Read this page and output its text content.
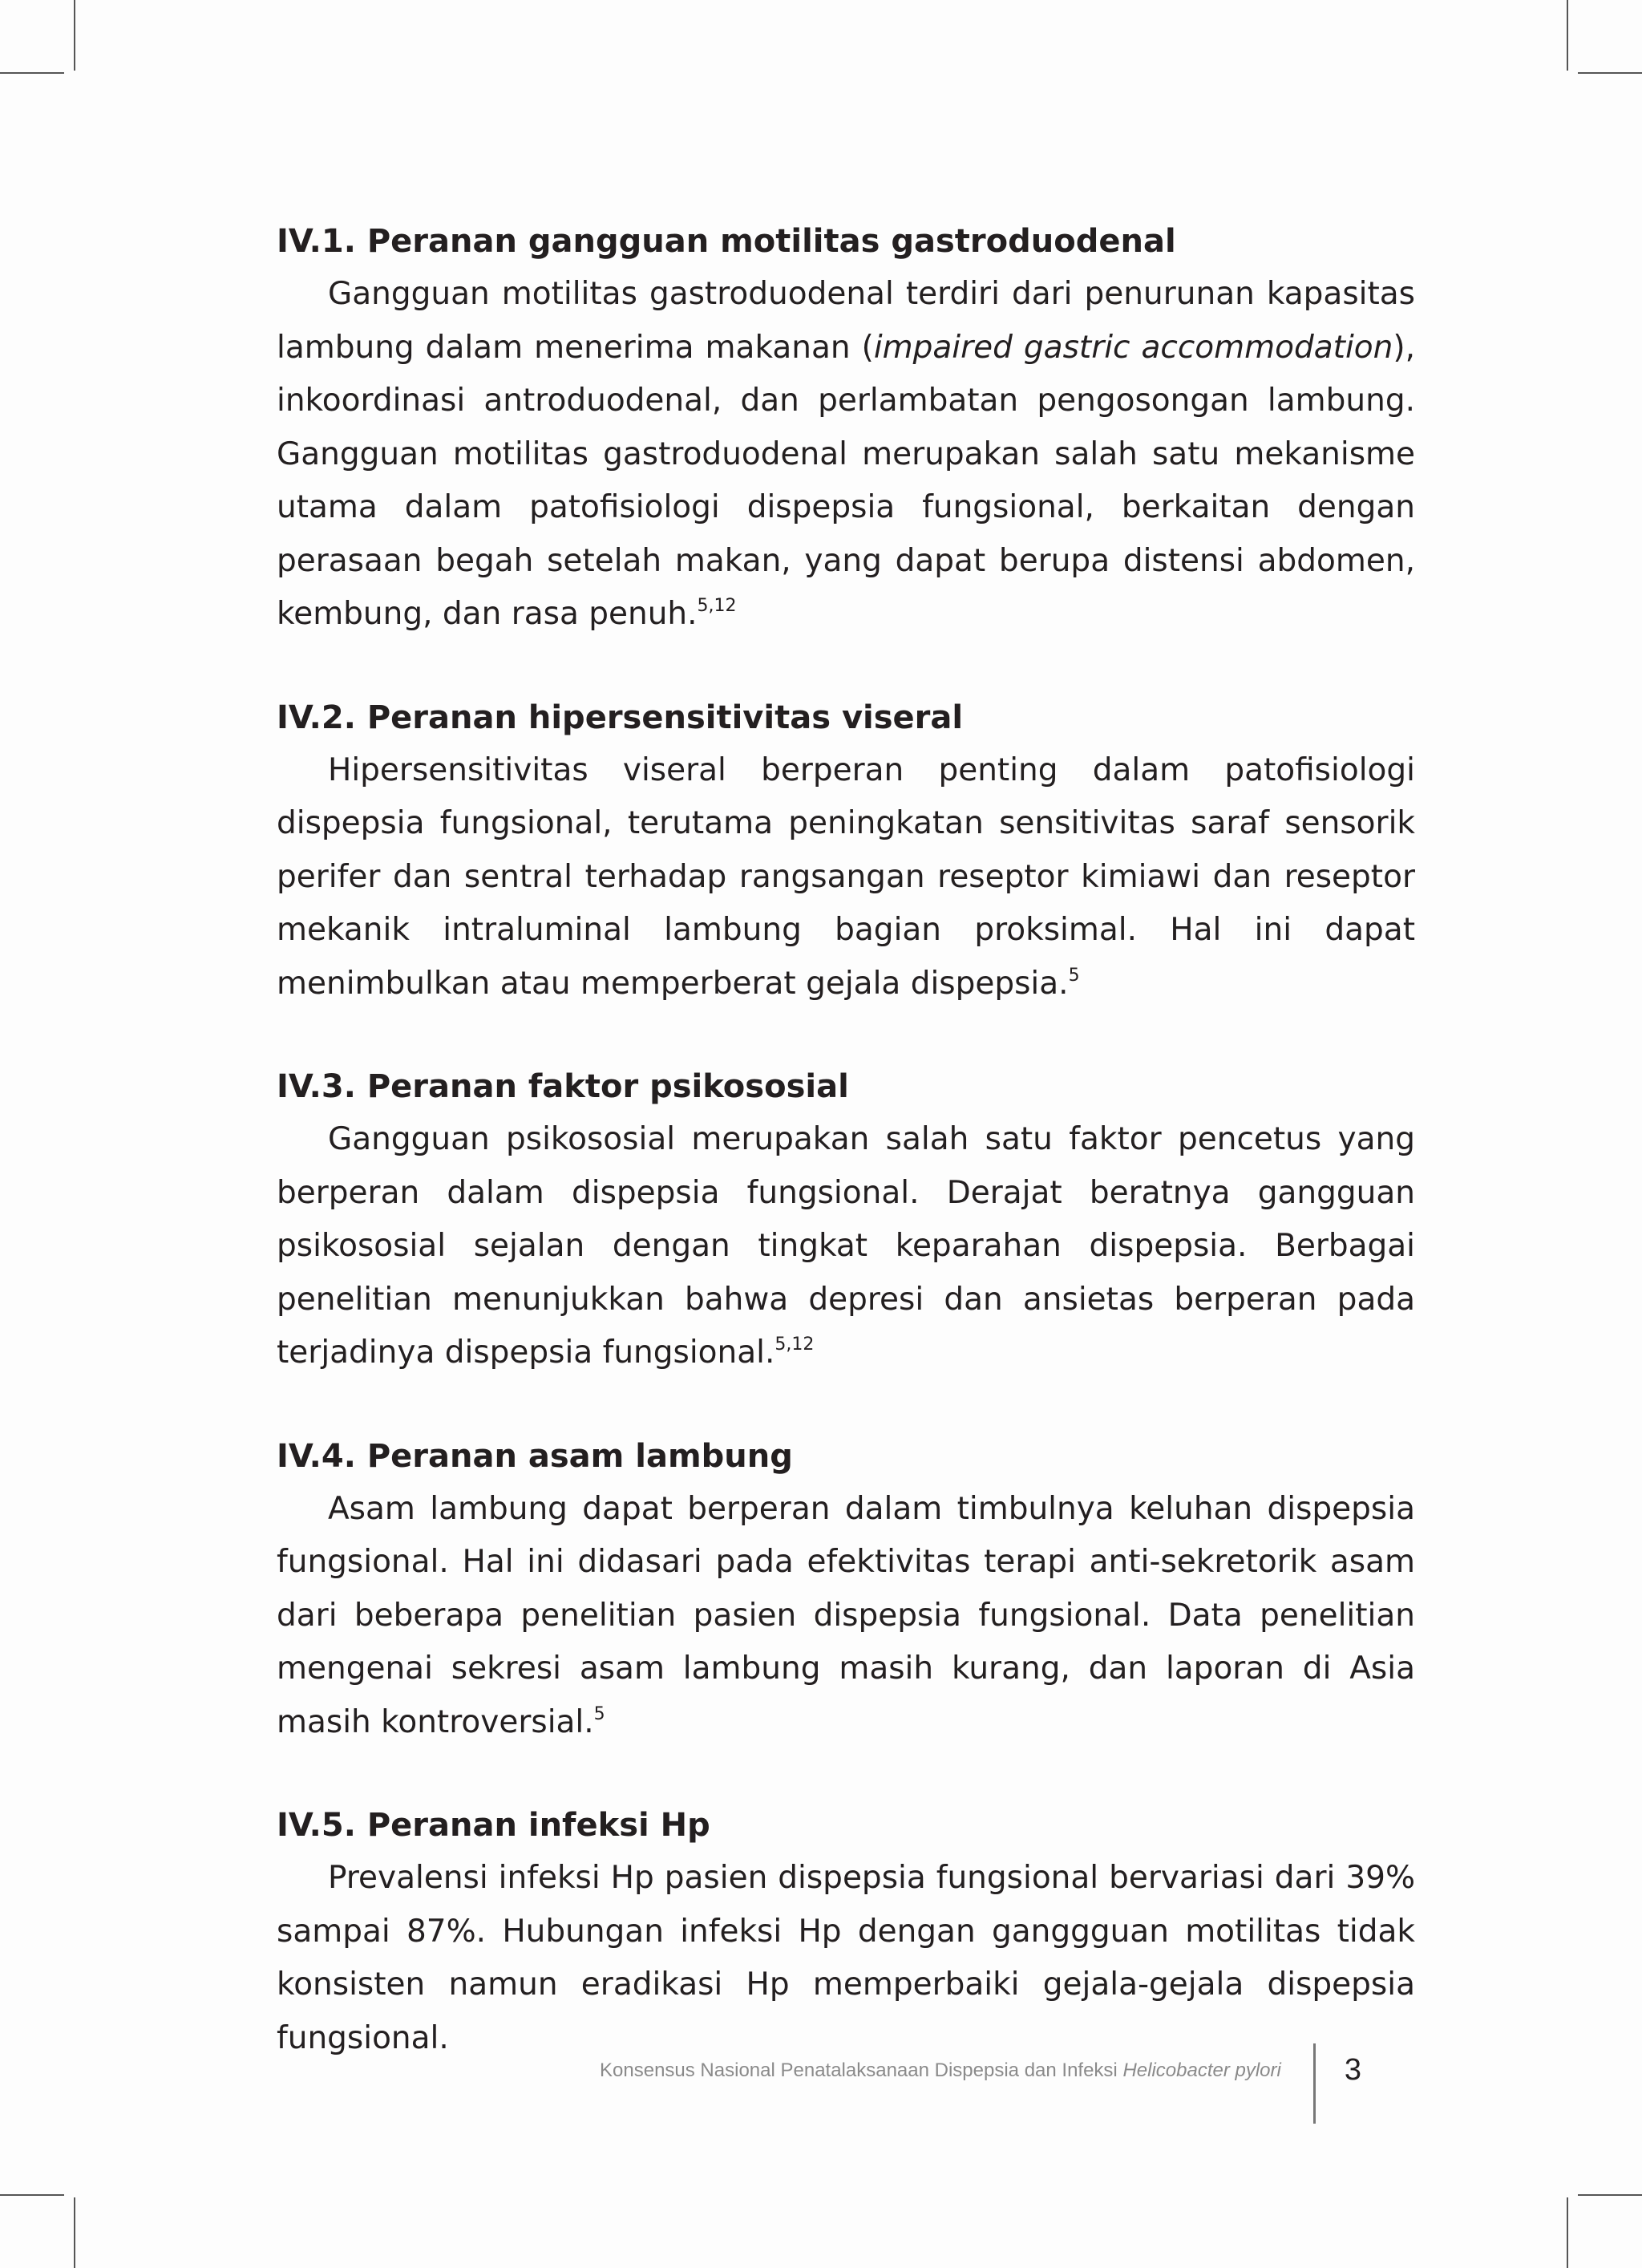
IV.1. Peranan gangguan motilitas gastroduodenal

Gangguan motilitas gastroduodenal terdiri dari penurunan kapasitas lambung dalam menerima makanan (impaired gastric accommodation), inkoordinasi antroduodenal, dan perlambatan pengosongan lambung. Gangguan motilitas gastroduodenal merupakan salah satu mekanisme utama dalam patofisiologi dispepsia fungsional, berkaitan dengan perasaan begah setelah makan, yang dapat berupa distensi abdomen, kembung, dan rasa penuh.$^{5,12}$

IV.2. Peranan hipersensitivitas viseral

Hipersensitivitas viseral berperan penting dalam patofisiologi dispepsia fungsional, terutama peningkatan sensitivitas saraf sensorik perifer dan sentral terhadap rangsangan reseptor kimiawi dan reseptor mekanik intraluminal lambung bagian proksimal. Hal ini dapat menimbulkan atau memperberat gejala dispepsia.$^5$

IV.3. Peranan faktor psikososial

Gangguan psikososial merupakan salah satu faktor pencetus yang berperan dalam dispepsia fungsional. Derajat beratnya gangguan psikososial sejalan dengan tingkat keparahan dispepsia. Berbagai penelitian menunjukkan bahwa depresi dan ansietas berperan pada terjadinya dispepsia fungsional.$^{5,12}$

IV.4. Peranan asam lambung

Asam lambung dapat berperan dalam timbulnya keluhan dispepsia fungsional. Hal ini didasari pada efektivitas terapi anti-sekretorik asam dari beberapa penelitian pasien dispepsia fungsional. Data penelitian mengenai sekresi asam lambung masih kurang, dan laporan di Asia masih kontroversial.$^5$

IV.5. Peranan infeksi Hp

Prevalensi infeksi Hp pasien dispepsia fungsional bervariasi dari 39% sampai 87%. Hubungan infeksi Hp dengan ganggguan motilitas tidak konsisten namun eradikasi Hp memperbaiki gejala-gejala dispepsia fungsional.

Konsensus Nasional Penatalaksanaan Dispepsia dan Infeksi Helicobacter pylori 3
